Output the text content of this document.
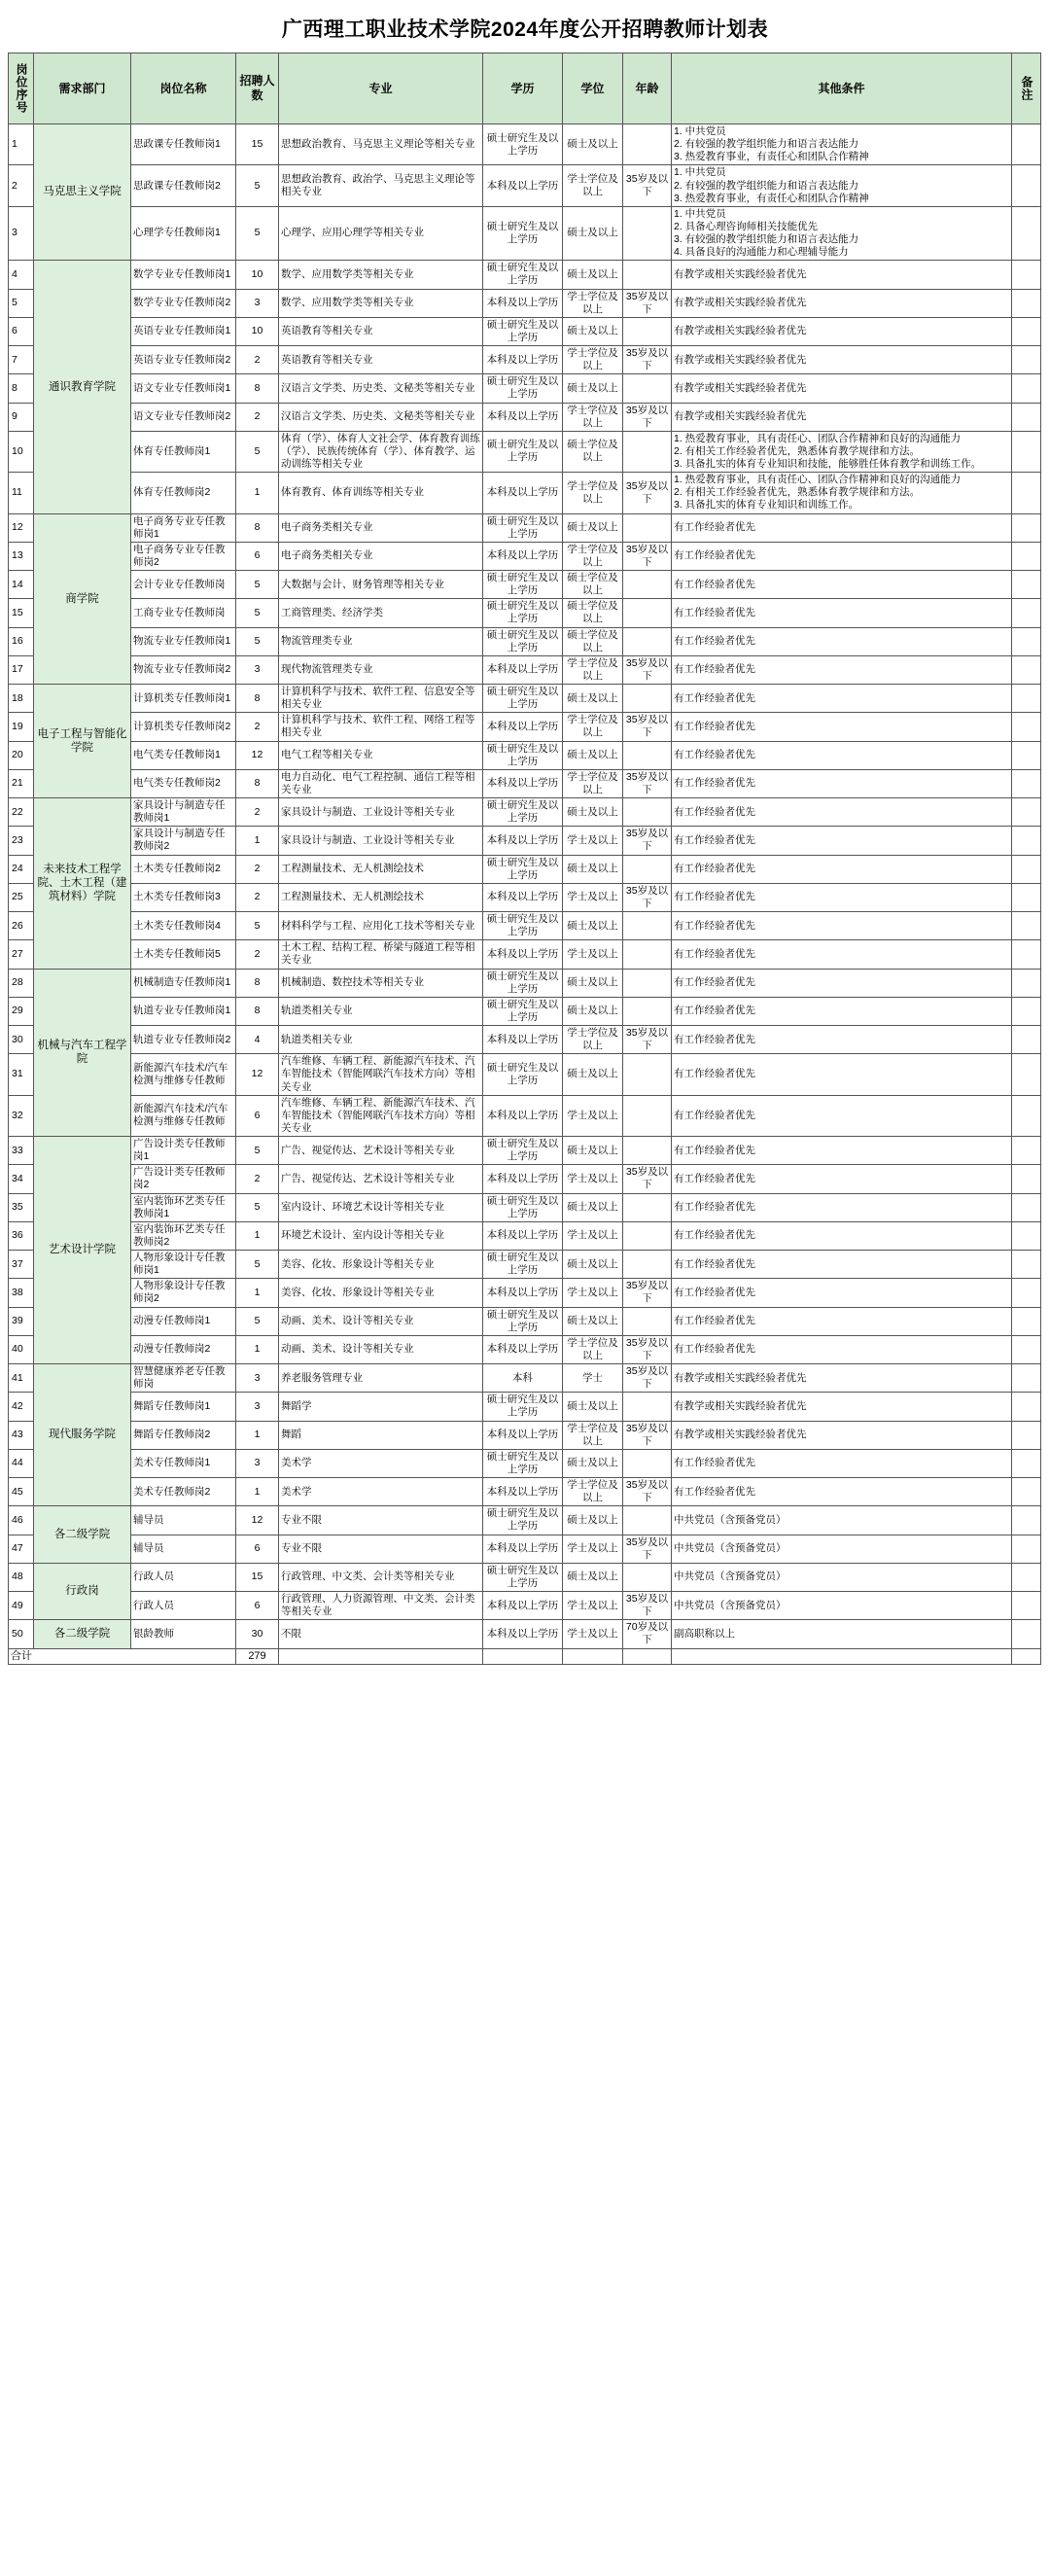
广西理工职业技术学院2024年度公开招聘教师计划表
岗位序号	需求部门	岗位名称	招聘人数	专业	学历	学位	年龄	其他条件	备注
1	马克思主义学院	思政课专任教师岗1	15	思想政治教育、马克思主义理论等相关专业	硕士研究生及以上学历	硕士及以上		1. 中共党员
2. 有较强的教学组织能力和语言表达能力
3. 热爱教育事业，有责任心和团队合作精神	
2		思政课专任教师岗2	5	思想政治教育、政治学、马克思主义理论等相关专业	本科及以上学历	学士学位及以上	35岁及以下	1. 中共党员
2. 有较强的教学组织能力和语言表达能力
3. 热爱教育事业，有责任心和团队合作精神	
3		心理学专任教师岗1	5	心理学、应用心理学等相关专业	硕士研究生及以上学历	硕士及以上		1. 中共党员
2. 具备心理咨询师相关技能优先
3. 有较强的教学组织能力和语言表达能力
4. 具备良好的沟通能力和心理辅导能力	
4	通识教育学院	数学专业专任教师岗1	10	数学、应用数学类等相关专业	硕士研究生及以上学历	硕士及以上		有教学或相关实践经验者优先	
5		数学专业专任教师岗2	3	数学、应用数学类等相关专业	本科及以上学历	学士学位及以上	35岁及以下	有教学或相关实践经验者优先	
6		英语专业专任教师岗1	10	英语教育等相关专业	硕士研究生及以上学历	硕士及以上		有教学或相关实践经验者优先	
7		英语专业专任教师岗2	2	英语教育等相关专业	本科及以上学历	学士学位及以上	35岁及以下	有教学或相关实践经验者优先	
8		语文专业专任教师岗1	8	汉语言文学类、历史类、文秘类等相关专业	硕士研究生及以上学历	硕士及以上		有教学或相关实践经验者优先	
9		语文专业专任教师岗2	2	汉语言文学类、历史类、文秘类等相关专业	本科及以上学历	学士学位及以上	35岁及以下	有教学或相关实践经验者优先	
10		体育专任教师岗1	5	体育（学）、体育人文社会学、体育教育训练（学）、民族传统体育（学）、体育教学、运动训练等相关专业	硕士研究生及以上学历	硕士学位及以上		1. 热爱教育事业，具有责任心、团队合作精神和良好的沟通能力
2. 有相关工作经验者优先，熟悉体育教学规律和方法。
3. 具备扎实的体育专业知识和技能，能够胜任体育教学和训练工作。	
11		体育专任教师岗2	1	体育教育、体育训练等相关专业	本科及以上学历	学士学位及以上	35岁及以下	1. 热爱教育事业，具有责任心、团队合作精神和良好的沟通能力
2. 有相关工作经验者优先，熟悉体育教学规律和方法。
3. 具备扎实的体育专业知识和训练工作。	
12	商学院	电子商务专业专任教师岗1	8	电子商务类相关专业	硕士研究生及以上学历	硕士及以上		有工作经验者优先	
13		电子商务专业专任教师岗2	6	电子商务类相关专业	本科及以上学历	学士学位及以上	35岁及以下	有工作经验者优先	
14		会计专业专任教师岗	5	大数据与会计、财务管理等相关专业	硕士研究生及以上学历	硕士学位及以上		有工作经验者优先	
15		工商专业专任教师岗	5	工商管理类、经济学类	硕士研究生及以上学历	硕士学位及以上		有工作经验者优先	
16		物流专业专任教师岗1	5	物流管理类专业	硕士研究生及以上学历	硕士学位及以上		有工作经验者优先	
17		物流专业专任教师岗2	3	现代物流管理类专业	本科及以上学历	学士学位及以上	35岁及以下	有工作经验者优先	
18	电子工程与智能化学院	计算机类专任教师岗1	8	计算机科学与技术、软件工程、信息安全等相关专业	硕士研究生及以上学历	硕士及以上		有工作经验者优先	
19		计算机类专任教师岗2	2	计算机科学与技术、软件工程、网络工程等相关专业	本科及以上学历	学士学位及以上	35岁及以下	有工作经验者优先	
20		电气类专任教师岗1	12	电气工程等相关专业	硕士研究生及以上学历	硕士及以上		有工作经验者优先	
21		电气类专任教师岗2	8	电力自动化、电气工程控制、通信工程等相关专业	本科及以上学历	学士学位及以上	35岁及以下	有工作经验者优先	
22	未来技术工程学院、土木工程（建筑材料）学院	家具设计与制造专任教师岗1	2	家具设计与制造、工业设计等相关专业	硕士研究生及以上学历	硕士及以上		有工作经验者优先	
23		家具设计与制造专任教师岗2	1	家具设计与制造、工业设计等相关专业	本科及以上学历	学士及以上	35岁及以下	有工作经验者优先	
24		土木类专任教师岗2	2	工程测量技术、无人机测绘技术	硕士研究生及以上学历	硕士及以上		有工作经验者优先	
25		土木类专任教师岗3	2	工程测量技术、无人机测绘技术	本科及以上学历	学士及以上	35岁及以下	有工作经验者优先	
26		土木类专任教师岗4	5	材料科学与工程、应用化工技术等相关专业	硕士研究生及以上学历	硕士及以上		有工作经验者优先	
27		土木类专任教师岗5	2	土木工程、结构工程、桥梁与隧道工程等相关专业	本科及以上学历	学士及以上		有工作经验者优先	
28	机械与汽车工程学院	机械制造专任教师岗1	8	机械制造、数控技术等相关专业	硕士研究生及以上学历	硕士及以上		有工作经验者优先	
29		轨道专业专任教师岗1	8	轨道类相关专业	硕士研究生及以上学历	硕士及以上		有工作经验者优先	
30		轨道专业专任教师岗2	4	轨道类相关专业	本科及以上学历	学士学位及以上	35岁及以下	有工作经验者优先	
31		新能源汽车技术/汽车检测与维修专任教师	12	汽车维修、车辆工程、新能源汽车技术、汽车智能技术（智能网联汽车技术方向）等相关专业	硕士研究生及以上学历	硕士及以上		有工作经验者优先	
32		新能源汽车技术/汽车检测与维修专任教师	6	汽车维修、车辆工程、新能源汽车技术、汽车智能技术（智能网联汽车技术方向）等相关专业	本科及以上学历	学士及以上		有工作经验者优先	
33	艺术设计学院	广告设计类专任教师岗1	5	广告、视觉传达、艺术设计等相关专业	硕士研究生及以上学历	硕士及以上		有工作经验者优先	
34		广告设计类专任教师岗2	2	广告、视觉传达、艺术设计等相关专业	本科及以上学历	学士及以上	35岁及以下	有工作经验者优先	
35		室内装饰环艺类专任教师岗1	5	室内设计、环境艺术设计等相关专业	硕士研究生及以上学历	硕士及以上		有工作经验者优先	
36		室内装饰环艺类专任教师岗2	1	环境艺术设计、室内设计等相关专业	本科及以上学历	学士及以上		有工作经验者优先	
37		人物形象设计专任教师岗1	5	美容、化妆、形象设计等相关专业	硕士研究生及以上学历	硕士及以上		有工作经验者优先	
38		人物形象设计专任教师岗2	1	美容、化妆、形象设计等相关专业	本科及以上学历	学士及以上	35岁及以下	有工作经验者优先	
39		动漫专任教师岗1	5	动画、美术、设计等相关专业	硕士研究生及以上学历	硕士及以上		有工作经验者优先	
40		动漫专任教师岗2	1	动画、美术、设计等相关专业	本科及以上学历	学士学位及以上	35岁及以下	有工作经验者优先	
41	现代服务学院	智慧健康养老专任教师岗	3	养老服务管理专业	本科	学士	35岁及以下	有教学或相关实践经验者优先	
42		舞蹈专任教师岗1	3	舞蹈学	硕士研究生及以上学历	硕士及以上		有教学或相关实践经验者优先	
43		舞蹈专任教师岗2	1	舞蹈	本科及以上学历	学士学位及以上	35岁及以下	有教学或相关实践经验者优先	
44		美术专任教师岗1	3	美术学	硕士研究生及以上学历	硕士及以上		有工作经验者优先	
45		美术专任教师岗2	1	美术学	本科及以上学历	学士学位及以上	35岁及以下	有工作经验者优先	
46	各二级学院	辅导员	12	专业不限	硕士研究生及以上学历	硕士及以上		中共党员（含预备党员）	
47		辅导员	6	专业不限	本科及以上学历	学士及以上	35岁及以下	中共党员（含预备党员）	
48	行政岗	行政人员	15	行政管理、中文类、会计类等相关专业	硕士研究生及以上学历	硕士及以上		中共党员（含预备党员）	
49		行政人员	6	行政管理、人力资源管理、中文类、会计类等相关专业	本科及以上学历	学士及以上	35岁及以下	中共党员（含预备党员）	
50	各二级学院	银龄教师	30	不限	本科及以上学历	学士及以上	70岁及以下	副高职称以上	
合计			279						
